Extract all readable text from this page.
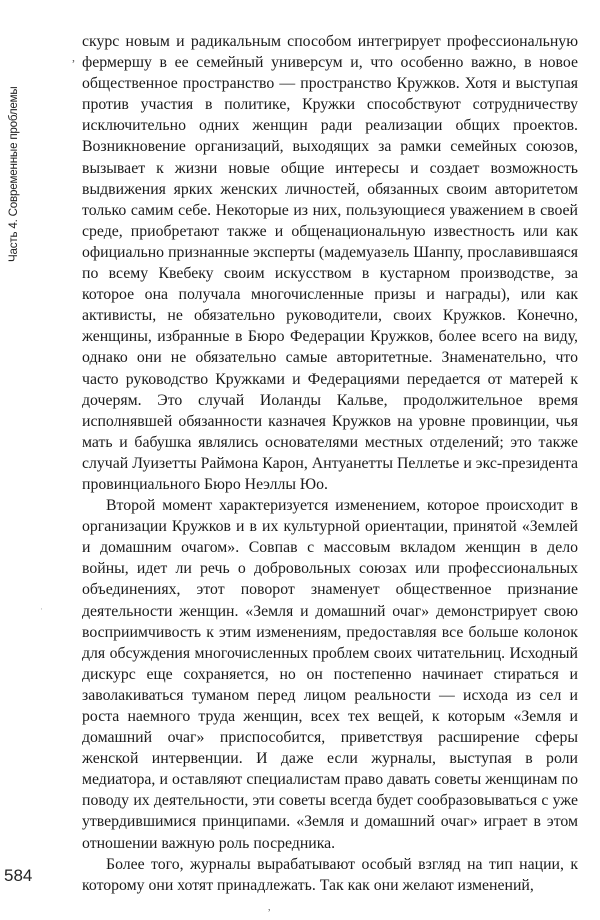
Часть 4. Современные проблемы

скурс новым и радикальным способом интегрирует профессиональную фермершу в ее семейный универсум и, что особенно важно, в новое общественное пространство — пространство Кружков. Хотя и выступая против участия в политике, Кружки способствуют сотрудничеству исключительно одних женщин ради реализации общих проектов. Возникновение организаций, выходящих за рамки семейных союзов, вызывает к жизни новые общие интересы и создает возможность выдвижения ярких женских личностей, обязанных своим авторитетом только самим себе. Некоторые из них, пользующиеся уважением в своей среде, приобретают также и общенациональную известность или как официально признанные эксперты (мадемуазель Шанпу, прославившаяся по всему Квебеку своим искусством в кустарном производстве, за которое она получала многочисленные призы и награды), или как активисты, не обязательно руководители, своих Кружков. Конечно, женщины, избранные в Бюро Федерации Кружков, более всего на виду, однако они не обязательно самые авторитетные. Знаменательно, что часто руководство Кружками и Федерациями передается от матерей к дочерям. Это случай Иоланды Кальве, продолжительное время исполнявшей обязанности казначея Кружков на уровне провинции, чья мать и бабушка являлись основателями местных отделений; это также случай Луизетты Раймона Карон, Антуанетты Пеллетье и экс-президента провинциального Бюро Неэллы Юо.

Второй момент характеризуется изменением, которое происходит в организации Кружков и в их культурной ориентации, принятой «Землей и домашним очагом». Совпав с массовым вкладом женщин в дело войны, идет ли речь о добровольных союзах или профессиональных объединениях, этот поворот знаменует общественное признание деятельности женщин. «Земля и домашний очаг» демонстрирует свою восприимчивость к этим изменениям, предоставляя все больше колонок для обсуждения многочисленных проблем своих читательниц. Исходный дискурс еще сохраняется, но он постепенно начинает стираться и заволакиваться туманом перед лицом реальности — исхода из сел и роста наемного труда женщин, всех тех вещей, к которым «Земля и домашний очаг» приспособится, приветствуя расширение сферы женской интервенции. И даже если журналы, выступая в роли медиатора, и оставляют специалистам право давать советы женщинам по поводу их деятельности, эти советы всегда будет сообразовываться с уже утвердившимися принципами. «Земля и домашний очаг» играет в этом отношении важную роль посредника.

Более того, журналы вырабатывают особый взгляд на тип нации, к которому они хотят принадлежать. Так как они желают изменений,

584
,
·
,
